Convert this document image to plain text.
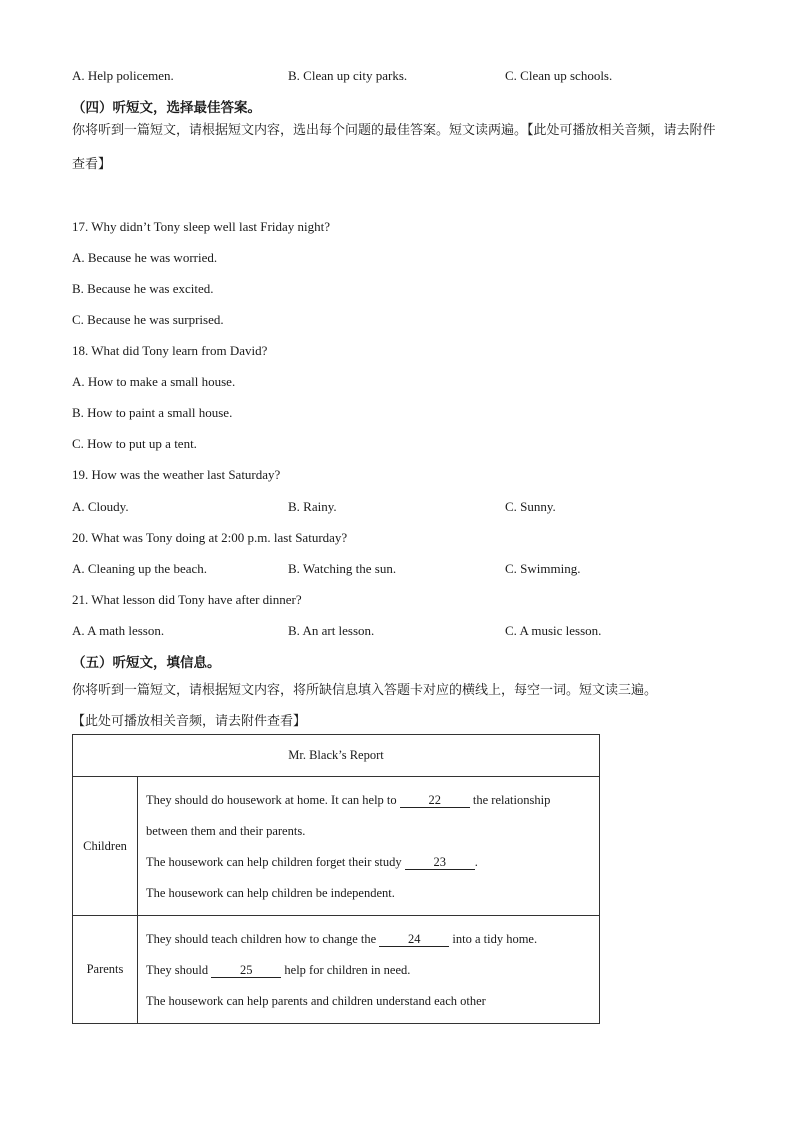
A. Help policemen.	B. Clean up city parks.	C. Clean up schools.
（四）听短文，选择最佳答案。
你将听到一篇短文，请根据短文内容，选出每个问题的最佳答案。短文读两遍。【此处可播放相关音频，请去附件查看】
17. Why didn’t Tony sleep well last Friday night?
A. Because he was worried.
B. Because he was excited.
C. Because he was surprised.
18. What did Tony learn from David?
A. How to make a small house.
B. How to paint a small house.
C. How to put up a tent.
19. How was the weather last Saturday?
A. Cloudy.	B. Rainy.	C. Sunny.
20. What was Tony doing at 2:00 p.m. last Saturday?
A. Cleaning up the beach.	B. Watching the sun.	C. Swimming.
21. What lesson did Tony have after dinner?
A. A math lesson.	B. An art lesson.	C. A music lesson.
（五）听短文，填信息。
你将听到一篇短文，请根据短文内容，将所缺信息填入答题卡对应的横线上，每空一词。短文读三遍。
【此处可播放相关音频，请去附件查看】
Mr. Black’s Report	
Children	They should do housework at home. It can help to 22 the relationship
between them and their parents.
The housework can help children forget their study 23 .
The housework can help children be independent.

Parents	They should teach children how to change the 24 into a tidy home.
They should 25 help for children in need.
The housework can help parents and children understand each other
